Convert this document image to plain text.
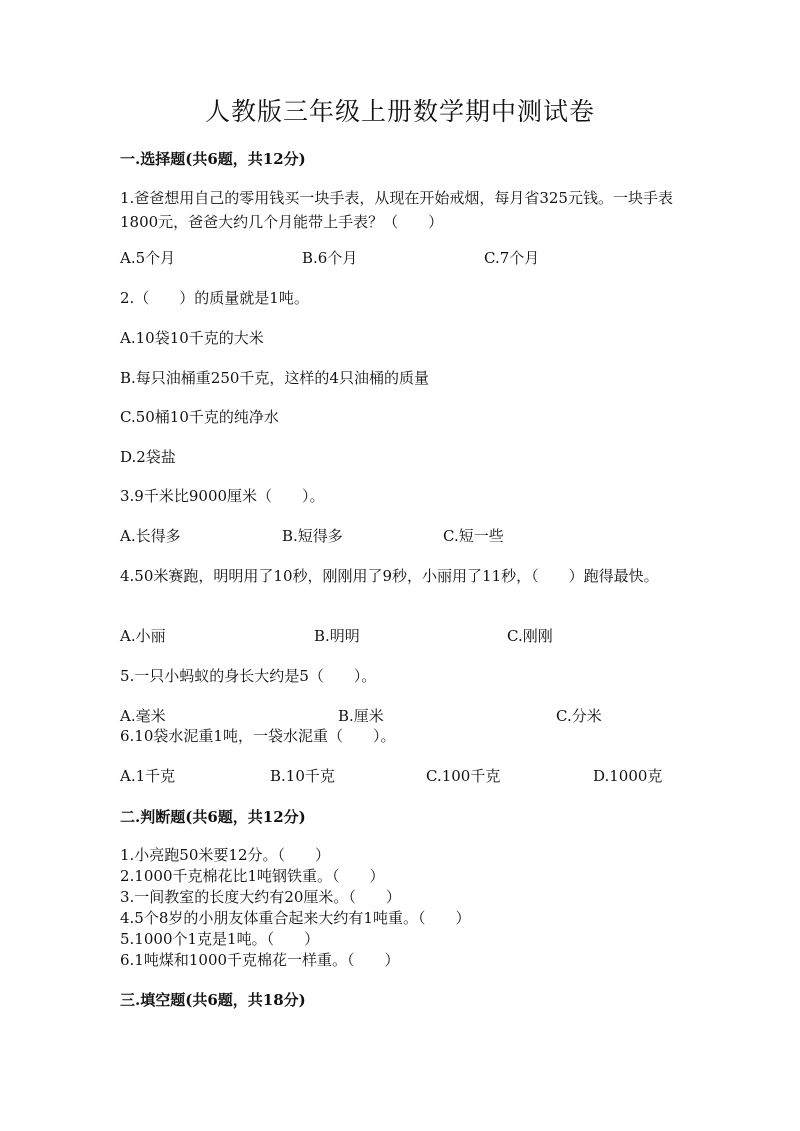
人教版三年级上册数学期中测试卷
一.选择题(共6题，共12分)
1.爸爸想用自己的零用钱买一块手表，从现在开始戒烟，每月省325元钱。一块手表1800元，爸爸大约几个月能带上手表？（　　）
A.5个月	B.6个月	C.7个月
2.（　　）的质量就是1吨。
A.10袋10千克的大米
B.每只油桶重250千克，这样的4只油桶的质量
C.50桶10千克的纯净水
D.2袋盐
3.9千米比9000厘米（　　）。
A.长得多	B.短得多	C.短一些
4.50米赛跑，明明用了10秒，刚刚用了9秒，小丽用了11秒，（　　）跑得最快。
A.小丽	B.明明	C.刚刚
5.一只小蚂蚁的身长大约是5（　　）。
A.毫米	B.厘米	C.分米
6.10袋水泥重1吨，一袋水泥重（　　）。
A.1千克	B.10千克	C.100千克	D.1000克
二.判断题(共6题，共12分)
1.小亮跑50米要12分。（　　）
2.1000千克棉花比1吨钢铁重。（　　）
3.一间教室的长度大约有20厘米。（　　）
4.5个8岁的小朋友体重合起来大约有1吨重。（　　）
5.1000个1克是1吨。（　　）
6.1吨煤和1000千克棉花一样重。（　　）
三.填空题(共6题，共18分)
